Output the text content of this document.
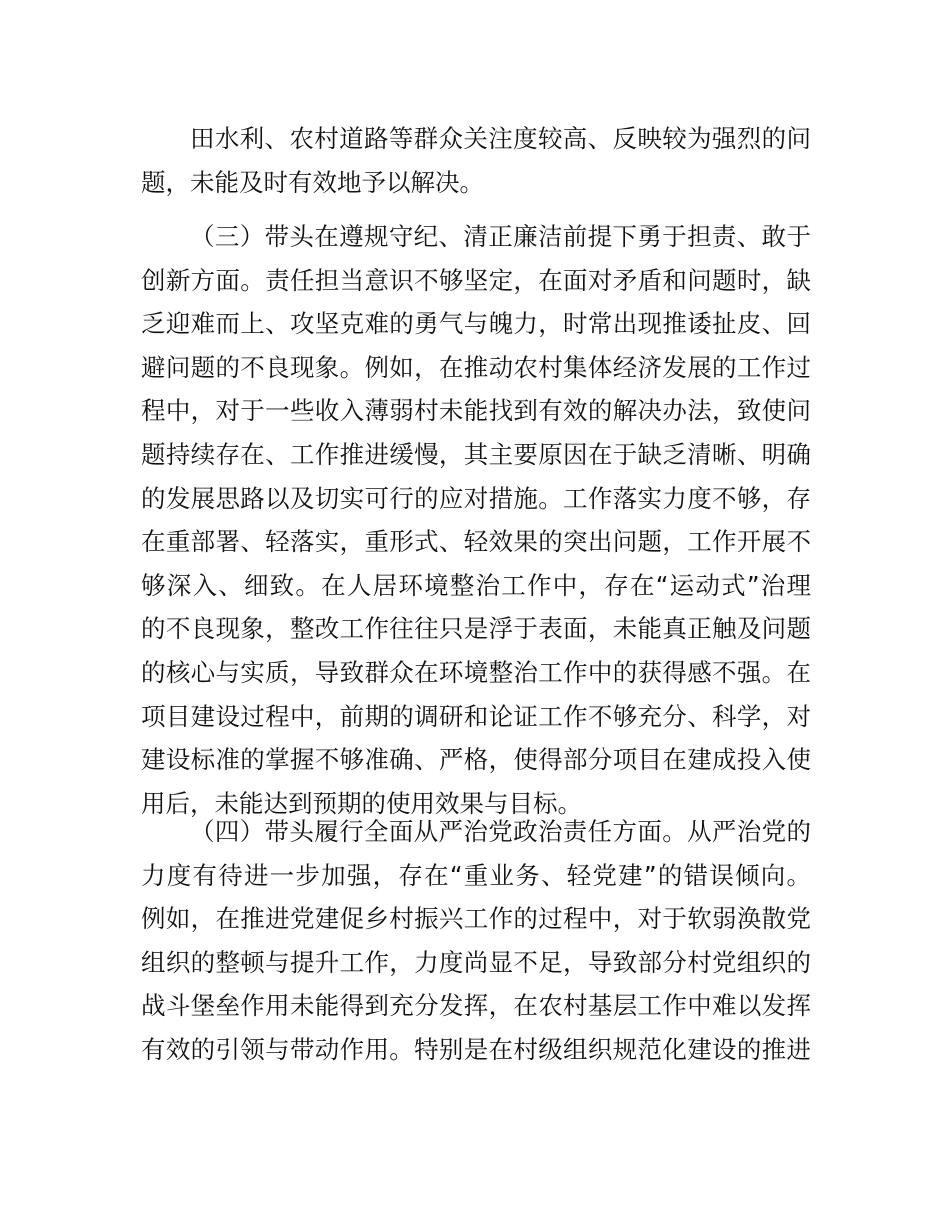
田水利、农村道路等群众关注度较高、反映较为强烈的问
题，未能及时有效地予以解决。
（三）带头在遵规守纪、清正廉洁前提下勇于担责、敢于
创新方面。责任担当意识不够坚定，在面对矛盾和问题时，缺
乏迎难而上、攻坚克难的勇气与魄力，时常出现推诿扯皮、回
避问题的不良现象。例如，在推动农村集体经济发展的工作过
程中，对于一些收入薄弱村未能找到有效的解决办法，致使问
题持续存在、工作推进缓慢，其主要原因在于缺乏清晰、明确
的发展思路以及切实可行的应对措施。工作落实力度不够，存
在重部署、轻落实，重形式、轻效果的突出问题，工作开展不
够深入、细致。在人居环境整治工作中，存在“运动式”治理
的不良现象，整改工作往往只是浮于表面，未能真正触及问题
的核心与实质，导致群众在环境整治工作中的获得感不强。在
项目建设过程中，前期的调研和论证工作不够充分、科学，对
建设标准的掌握不够准确、严格，使得部分项目在建成投入使
用后，未能达到预期的使用效果与目标。
（四）带头履行全面从严治党政治责任方面。从严治党的
力度有待进一步加强，存在“重业务、轻党建”的错误倾向。
例如，在推进党建促乡村振兴工作的过程中，对于软弱涣散党
组织的整顿与提升工作，力度尚显不足，导致部分村党组织的
战斗堡垒作用未能得到充分发挥，在农村基层工作中难以发挥
有效的引领与带动作用。特别是在村级组织规范化建设的推进
